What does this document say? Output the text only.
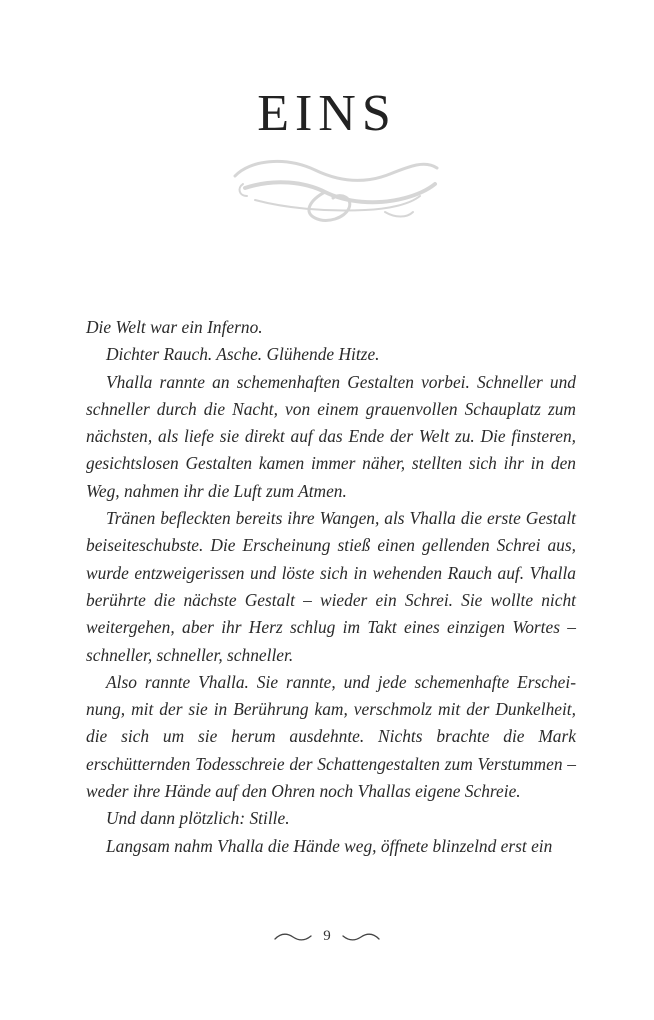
EINS

Die Welt war ein Inferno.

Dichter Rauch. Asche. Glühende Hitze.

Vhalla rannte an schemenhaften Gestalten vorbei. Schneller und schneller durch die Nacht, von einem grauenvollen Schauplatz zum nächsten, als liefe sie direkt auf das Ende der Welt zu. Die finsteren, gesichtslosen Gestalten kamen immer näher, stellten sich ihr in den Weg, nahmen ihr die Luft zum Atmen.

Tränen befleckten bereits ihre Wangen, als Vhalla die erste Gestalt beiseiteschubste. Die Erscheinung stieß einen gellenden Schrei aus, wurde entzweigerissen und löste sich in wehenden Rauch auf. Vhalla berührte die nächste Gestalt – wieder ein Schrei. Sie wollte nicht weitergehen, aber ihr Herz schlug im Takt eines einzigen Wortes – schneller, schneller, schneller.

Also rannte Vhalla. Sie rannte, und jede schemenhafte Erscheinung, mit der sie in Berührung kam, verschmolz mit der Dunkelheit, die sich um sie herum ausdehnte. Nichts brachte die Mark erschütternden Todesschreie der Schattengestalten zum Verstummen – weder ihre Hände auf den Ohren noch Vhallas eigene Schreie.

Und dann plötzlich: Stille.

Langsam nahm Vhalla die Hände weg, öffnete blinzelnd erst ein

9
